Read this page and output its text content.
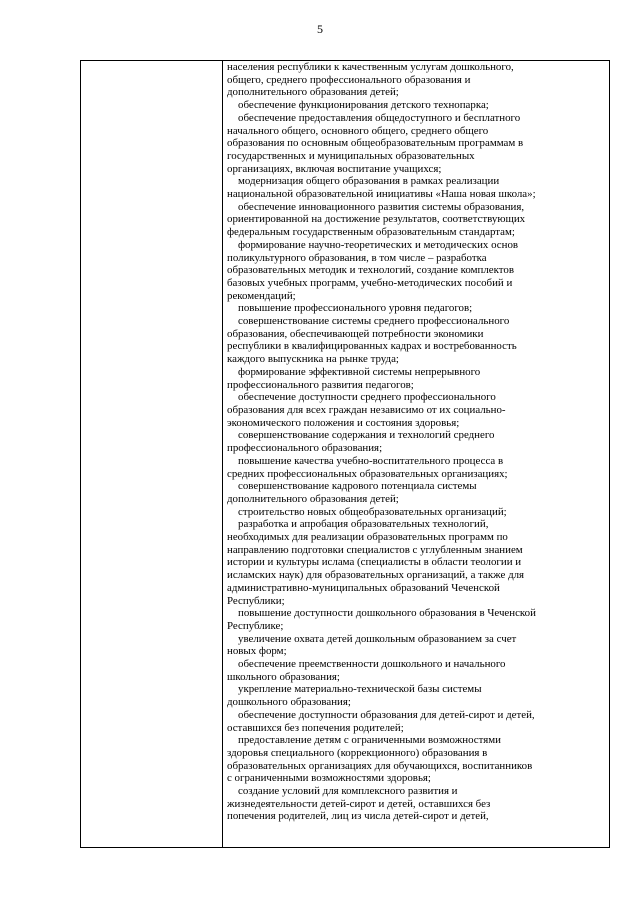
5
населения республики к качественным услугам дошкольного,
общего, среднего профессионального образования и
дополнительного образования детей;
обеспечение функционирования детского технопарка;
обеспечение предоставления общедоступного и бесплатного
начального общего, основного общего, среднего общего
образования по основным общеобразовательным программам в
государственных и муниципальных образовательных
организациях, включая воспитание учащихся;
модернизация общего образования в рамках реализации
национальной образовательной инициативы «Наша новая школа»;
обеспечение инновационного развития системы образования,
ориентированной на достижение результатов, соответствующих
федеральным государственным образовательным стандартам;
формирование научно-теоретических и методических основ
поликультурного образования, в том числе – разработка
образовательных методик и технологий, создание комплектов
базовых учебных программ, учебно-методических пособий и
рекомендаций;
повышение профессионального уровня педагогов;
совершенствование системы среднего профессионального
образования, обеспечивающей потребности экономики
республики в квалифицированных кадрах и востребованность
каждого выпускника на рынке труда;
формирование эффективной системы непрерывного
профессионального развития педагогов;
обеспечение доступности среднего профессионального
образования для всех граждан независимо от их социально-
экономического положения и состояния здоровья;
совершенствование содержания и технологий среднего
профессионального образования;
повышение качества учебно-воспитательного процесса в
средних профессиональных образовательных организациях;
совершенствование кадрового потенциала системы
дополнительного образования детей;
строительство новых общеобразовательных организаций;
разработка и апробация образовательных технологий,
необходимых для реализации образовательных программ по
направлению подготовки специалистов с углубленным знанием
истории и культуры ислама (специалисты в области теологии и
исламских наук) для образовательных организаций, а также для
административно-муниципальных образований Чеченской
Республики;
повышение доступности дошкольного образования в Чеченской
Республике;
увеличение охвата детей дошкольным образованием за счет
новых форм;
обеспечение преемственности дошкольного и начального
школьного образования;
укрепление материально-технической базы системы
дошкольного образования;
обеспечение доступности образования для детей-сирот и детей,
оставшихся без попечения родителей;
предоставление детям с ограниченными возможностями
здоровья специального (коррекционного) образования в
образовательных организациях для обучающихся, воспитанников
с ограниченными возможностями здоровья;
создание условий для комплексного развития и
жизнедеятельности детей-сирот и детей, оставшихся без
попечения родителей, лиц из числа детей-сирот и детей,
